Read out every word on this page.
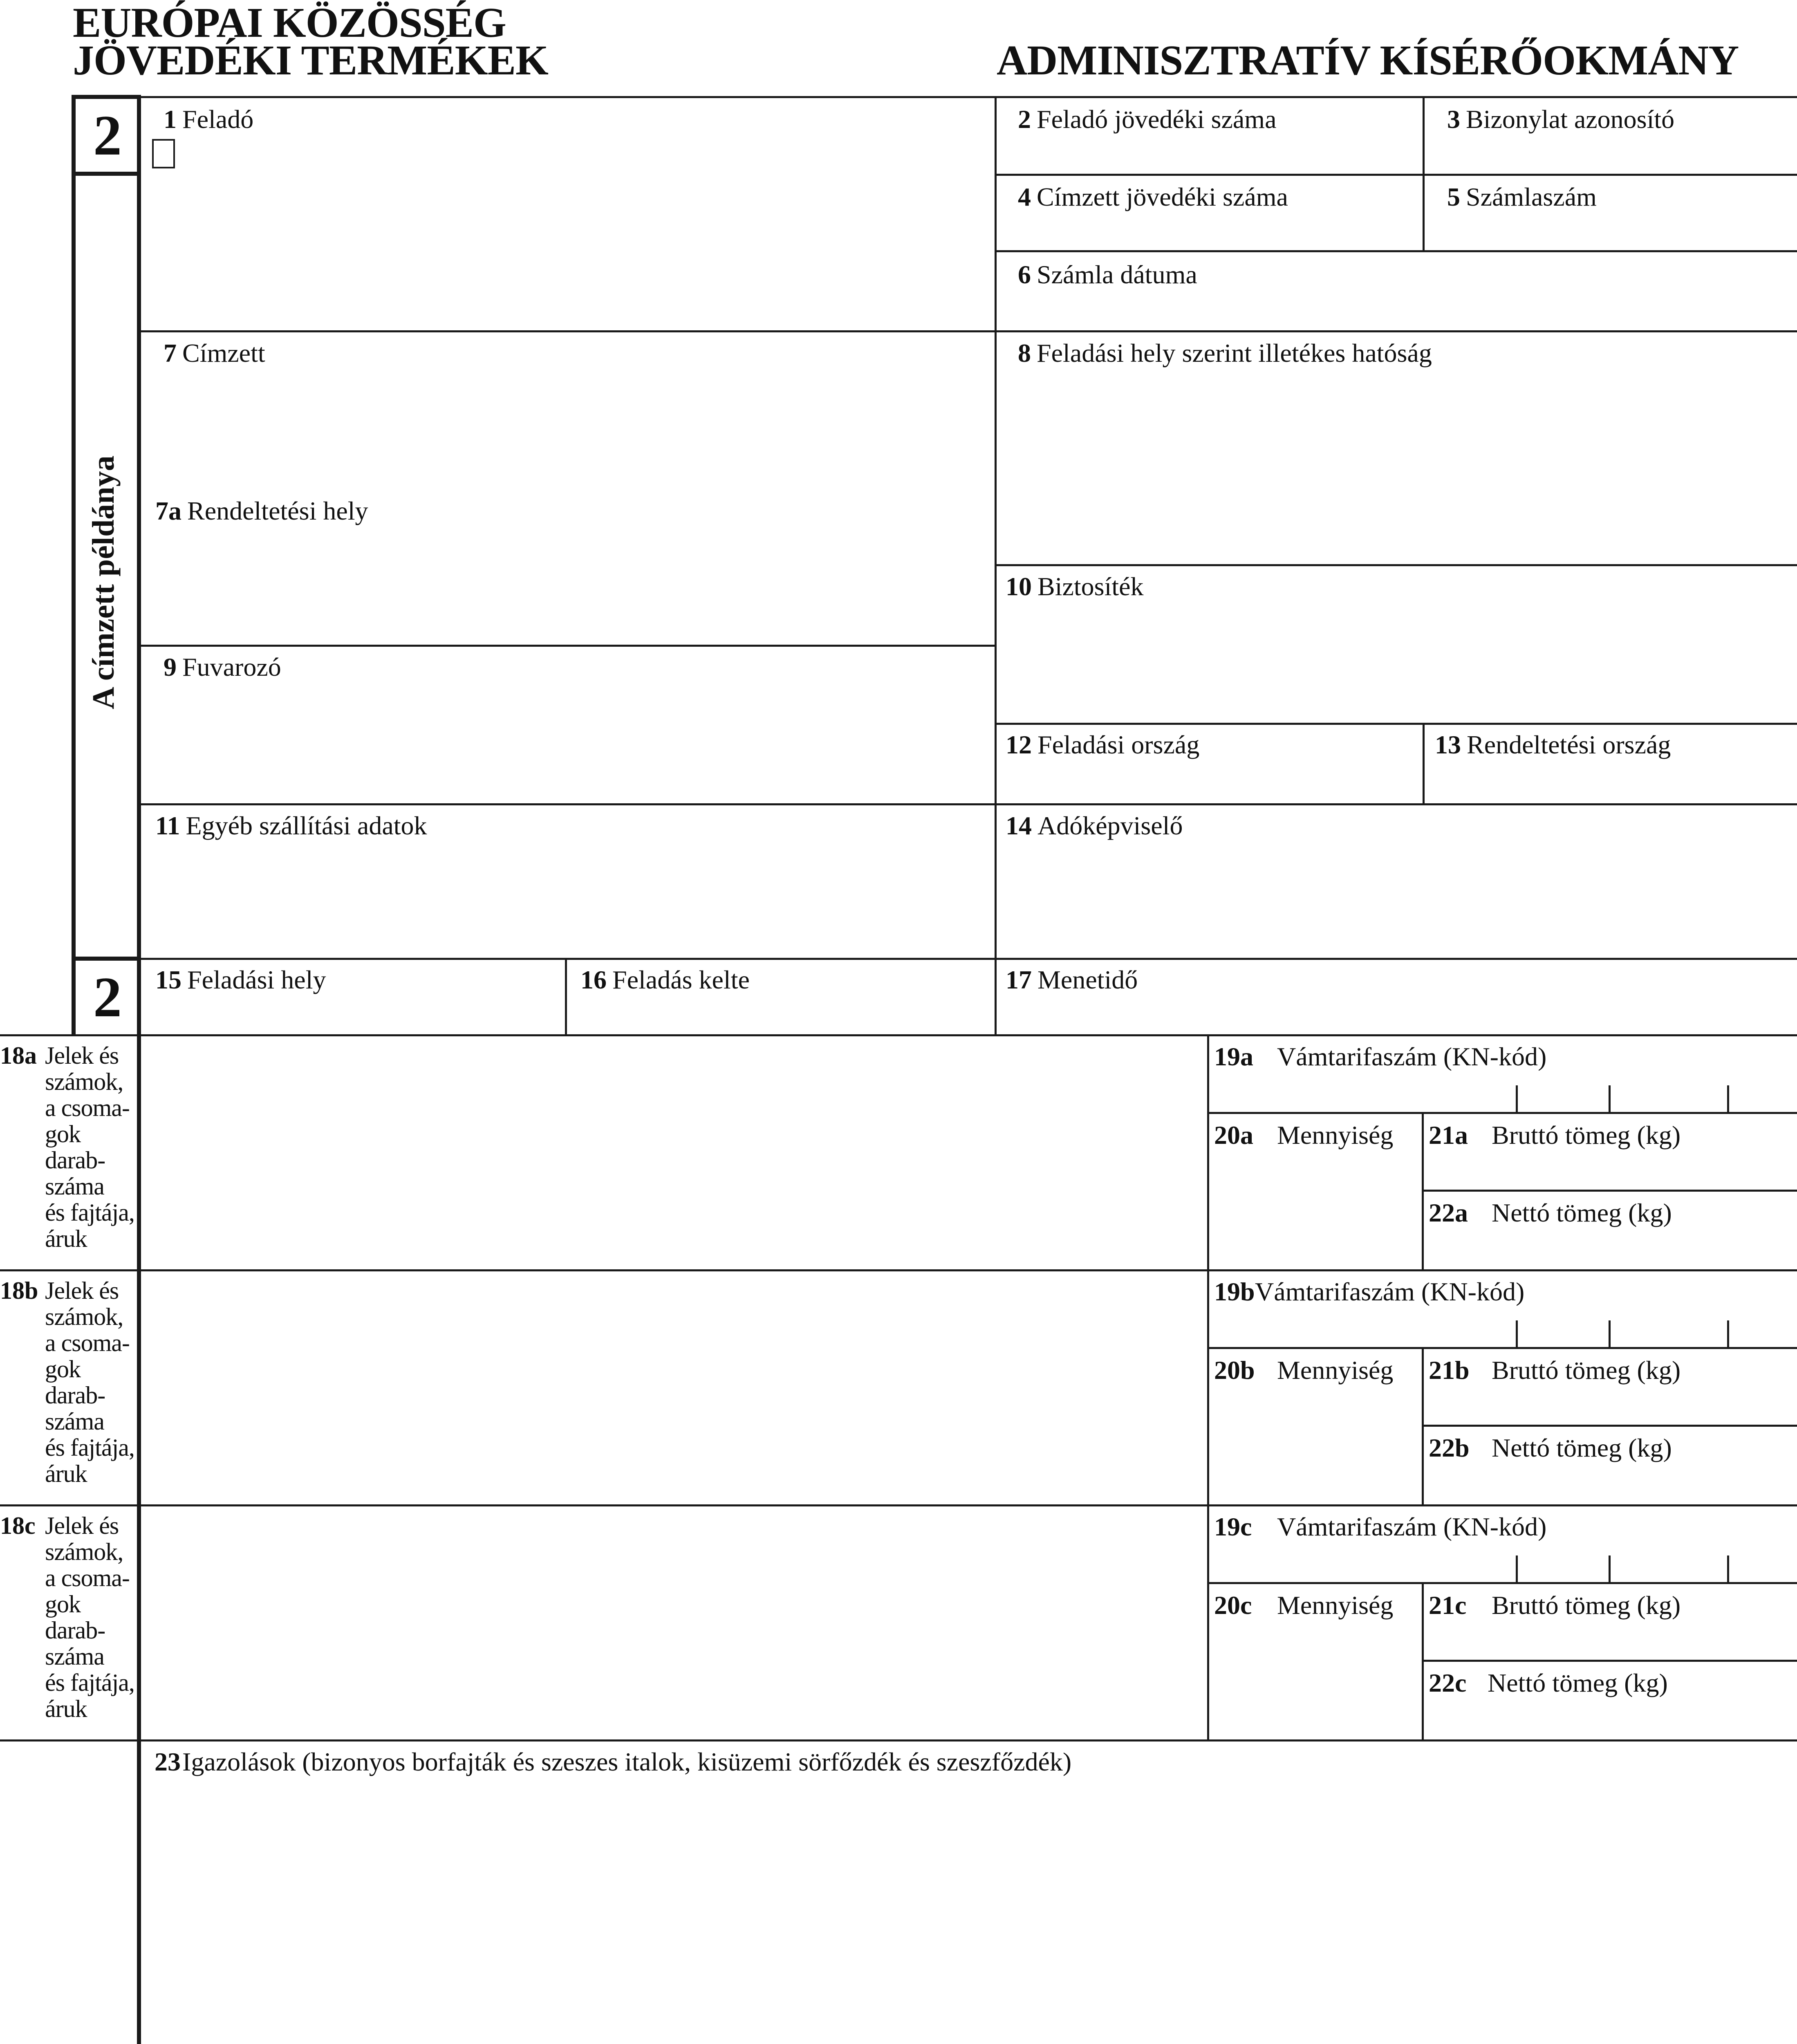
EURÓPAI KÖZÖSSÉG
JÖVEDÉKI TERMÉKEK	ADMINISZTRATÍV KÍSÉRŐOKMÁNY
2
2
A címzett példánya
1 Feladó	2 Feladó jövedéki száma	3 Bizonylat azonosító
4 Címzett jövedéki száma	5 Számlaszám
6 Számla dátuma
7 Címzett	8 Feladási hely szerint illetékes hatóság
7a Rendeltetési hely
10 Biztosíték
9 Fuvarozó
12 Feladási ország	13 Rendeltetési ország
11 Egyéb szállítási adatok	14 Adóképviselő
15 Feladási hely	16 Feladás kelte	17 Menetidő
18a Jelek és
számok,
a csoma-
gok
darab-
száma
és fajtája,
áruk
19a Vámtarifaszám (KN-kód)
20a Mennyiség 21a Bruttó tömeg (kg)
22a Nettó tömeg (kg)
18b Jelek és
számok,
a csoma-
gok
darab-
száma
és fajtája,
áruk
19bVámtarifaszám (KN-kód)
20b Mennyiség 21b Bruttó tömeg (kg)
22b Nettó tömeg (kg)
18c Jelek és
számok,
a csoma-
gok
darab-
száma
és fajtája,
áruk
19c Vámtarifaszám (KN-kód)
20c Mennyiség 21c Bruttó tömeg (kg)
22c Nettó tömeg (kg)
23Igazolások (bizonyos borfajták és szeszes italok, kisüzemi sörfőzdék és szeszfőzdék)
